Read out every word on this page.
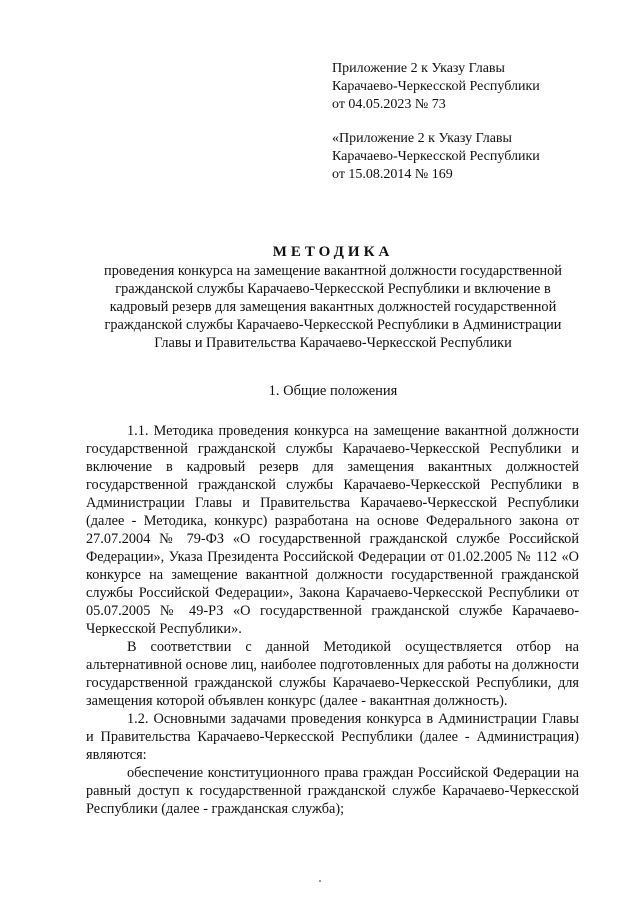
Приложение 2 к Указу Главы

Карачаево-Черкесской Республики

от 04.05.2023 № 73

«Приложение 2 к Указу Главы

Карачаево-Черкесской Республики

от 15.08.2014 № 169

МЕТОДИКА

проведения конкурса на замещение вакантной должности государственной гражданской службы Карачаево-Черкесской Республики и включение в кадровый резерв для замещения вакантных должностей государственной гражданской службы Карачаево-Черкесской Республики в Администрации Главы и Правительства Карачаево-Черкесской Республики

1. Общие положения

1.1. Методика проведения конкурса на замещение вакантной должности государственной гражданской службы Карачаево-Черкесской Республики и включение в кадровый резерв для замещения вакантных должностей государственной гражданской службы Карачаево-Черкесской Республики в Администрации Главы и Правительства Карачаево-Черкесской Республики (далее - Методика, конкурс) разработана на основе Федерального закона от 27.07.2004 № 79-ФЗ «О государственной гражданской службе Российской Федерации», Указа Президента Российской Федерации от 01.02.2005 № 112 «О конкурсе на замещение вакантной должности государственной гражданской службы Российской Федерации», Закона Карачаево-Черкесской Республики от 05.07.2005 № 49-РЗ «О государственной гражданской службе Карачаево-Черкесской Республики».

В соответствии с данной Методикой осуществляется отбор на альтернативной основе лиц, наиболее подготовленных для работы на должности государственной гражданской службы Карачаево-Черкесской Республики, для замещения которой объявлен конкурс (далее - вакантная должность).

1.2. Основными задачами проведения конкурса в Администрации Главы и Правительства Карачаево-Черкесской Республики (далее - Администрация) являются:

обеспечение конституционного права граждан Российской Федерации на равный доступ к государственной гражданской службе Карачаево-Черкесской Республики (далее - гражданская служба);
